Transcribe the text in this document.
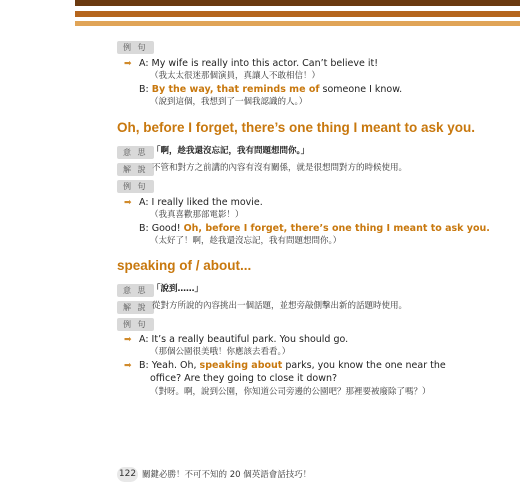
例 句
➡ A: My wife is really into this actor. Can’t believe it!
（我太太很迷那個演員，真讓人不敢相信！）
B: By the way, that reminds me of someone I know.
（說到這個，我想到了一個我認識的人。）
Oh, before I forget, there’s one thing I meant to ask you.
意 思 「啊，趁我還沒忘記，我有問題想問你。」
解 說 不管和對方之前講的內容有沒有關係，就是很想問對方的時候使用。
例 句
➡ A: I really liked the movie.
（我真喜歡那部電影！）
B: Good! Oh, before I forget, there’s one thing I meant to ask you.
（太好了！啊，趁我還沒忘記，我有問題想問你。）
speaking of / about...
意 思 「說到……」
解 說 從對方所說的內容挑出一個話題，並想旁敲側擊出新的話題時使用。
例 句
➡ A: It’s a really beautiful park. You should go.
（那個公園很美哦！你應該去看看。）
➡ B: Yeah. Oh, speaking about parks, you know the one near the
office? Are they going to close it down?
（對呀。啊，說到公園，你知道公司旁邊的公園吧？那裡要被廢除了嗎？）
122 關鍵必勝！不可不知的 20 個英語會話技巧！
